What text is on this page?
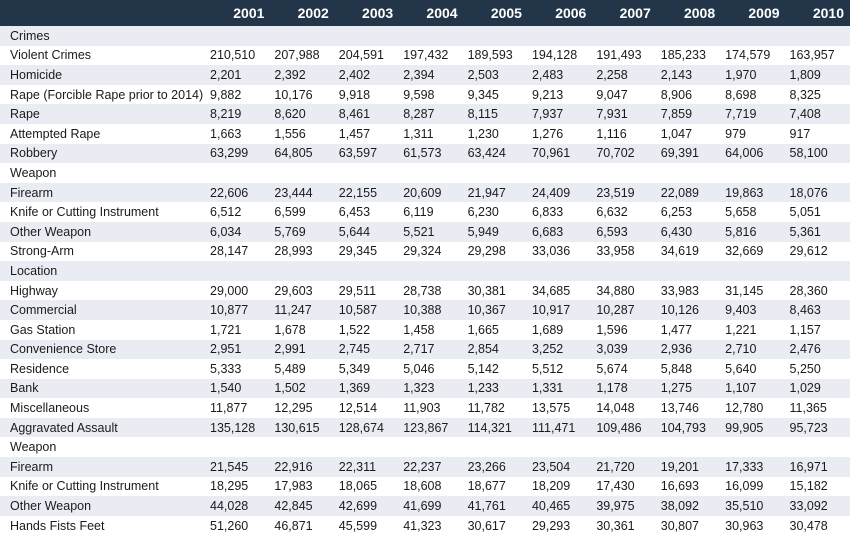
	2001	2002	2003	2004	2005	2006	2007	2008	2009	2010
Crimes										
Violent Crimes	210,510	207,988	204,591	197,432	189,593	194,128	191,493	185,233	174,579	163,957
Homicide	2,201	2,392	2,402	2,394	2,503	2,483	2,258	2,143	1,970	1,809
Rape (Forcible Rape prior to 2014)	9,882	10,176	9,918	9,598	9,345	9,213	9,047	8,906	8,698	8,325
Rape	8,219	8,620	8,461	8,287	8,115	7,937	7,931	7,859	7,719	7,408
Attempted Rape	1,663	1,556	1,457	1,311	1,230	1,276	1,116	1,047	979	917
Robbery	63,299	64,805	63,597	61,573	63,424	70,961	70,702	69,391	64,006	58,100
Weapon										
Firearm	22,606	23,444	22,155	20,609	21,947	24,409	23,519	22,089	19,863	18,076
Knife or Cutting Instrument	6,512	6,599	6,453	6,119	6,230	6,833	6,632	6,253	5,658	5,051
Other Weapon	6,034	5,769	5,644	5,521	5,949	6,683	6,593	6,430	5,816	5,361
Strong-Arm	28,147	28,993	29,345	29,324	29,298	33,036	33,958	34,619	32,669	29,612
Location										
Highway	29,000	29,603	29,511	28,738	30,381	34,685	34,880	33,983	31,145	28,360
Commercial	10,877	11,247	10,587	10,388	10,367	10,917	10,287	10,126	9,403	8,463
Gas Station	1,721	1,678	1,522	1,458	1,665	1,689	1,596	1,477	1,221	1,157
Convenience Store	2,951	2,991	2,745	2,717	2,854	3,252	3,039	2,936	2,710	2,476
Residence	5,333	5,489	5,349	5,046	5,142	5,512	5,674	5,848	5,640	5,250
Bank	1,540	1,502	1,369	1,323	1,233	1,331	1,178	1,275	1,107	1,029
Miscellaneous	11,877	12,295	12,514	11,903	11,782	13,575	14,048	13,746	12,780	11,365
Aggravated Assault	135,128	130,615	128,674	123,867	114,321	111,471	109,486	104,793	99,905	95,723
Weapon										
Firearm	21,545	22,916	22,311	22,237	23,266	23,504	21,720	19,201	17,333	16,971
Knife or Cutting Instrument	18,295	17,983	18,065	18,608	18,677	18,209	17,430	16,693	16,099	15,182
Other Weapon	44,028	42,845	42,699	41,699	41,761	40,465	39,975	38,092	35,510	33,092
Hands Fists Feet	51,260	46,871	45,599	41,323	30,617	29,293	30,361	30,807	30,963	30,478
